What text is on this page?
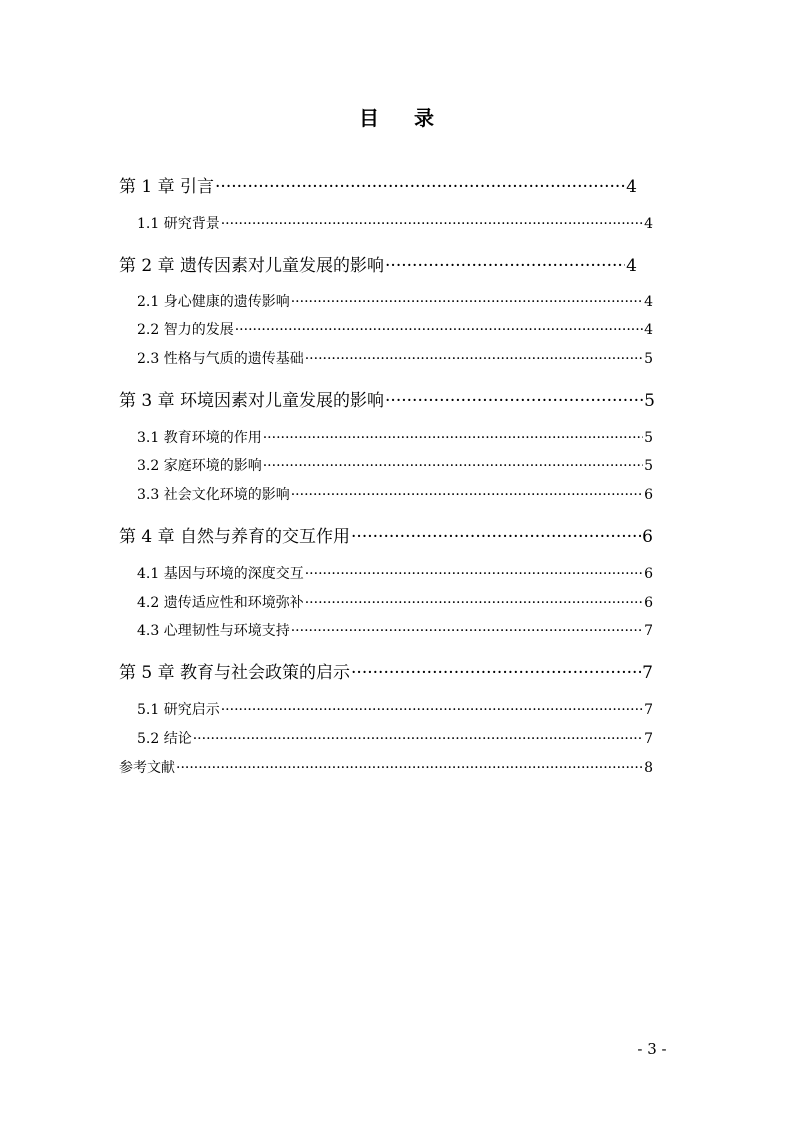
目 录
第 1 章 引言 ·····	4
1.1 研究背景 ·····	4
第 2 章 遗传因素对儿童发展的影响 ·····	4
2.1 身心健康的遗传影响 ·····	4
2.2 智力的发展 ·····	4
2.3 性格与气质的遗传基础 ·····	5
第 3 章 环境因素对儿童发展的影响 ·····	5
3.1 教育环境的作用 ·····	5
3.2 家庭环境的影响 ·····	5
3.3 社会文化环境的影响 ·····	6
第 4 章 自然与养育的交互作用 ·····	6
4.1 基因与环境的深度交互 ·····	6
4.2 遗传适应性和环境弥补 ·····	6
4.3 心理韧性与环境支持 ·····	7
第 5 章 教育与社会政策的启示 ·····	7
5.1 研究启示 ·····	7
5.2 结论 ·····	7
参考文献 ·····	8
- 3 -
